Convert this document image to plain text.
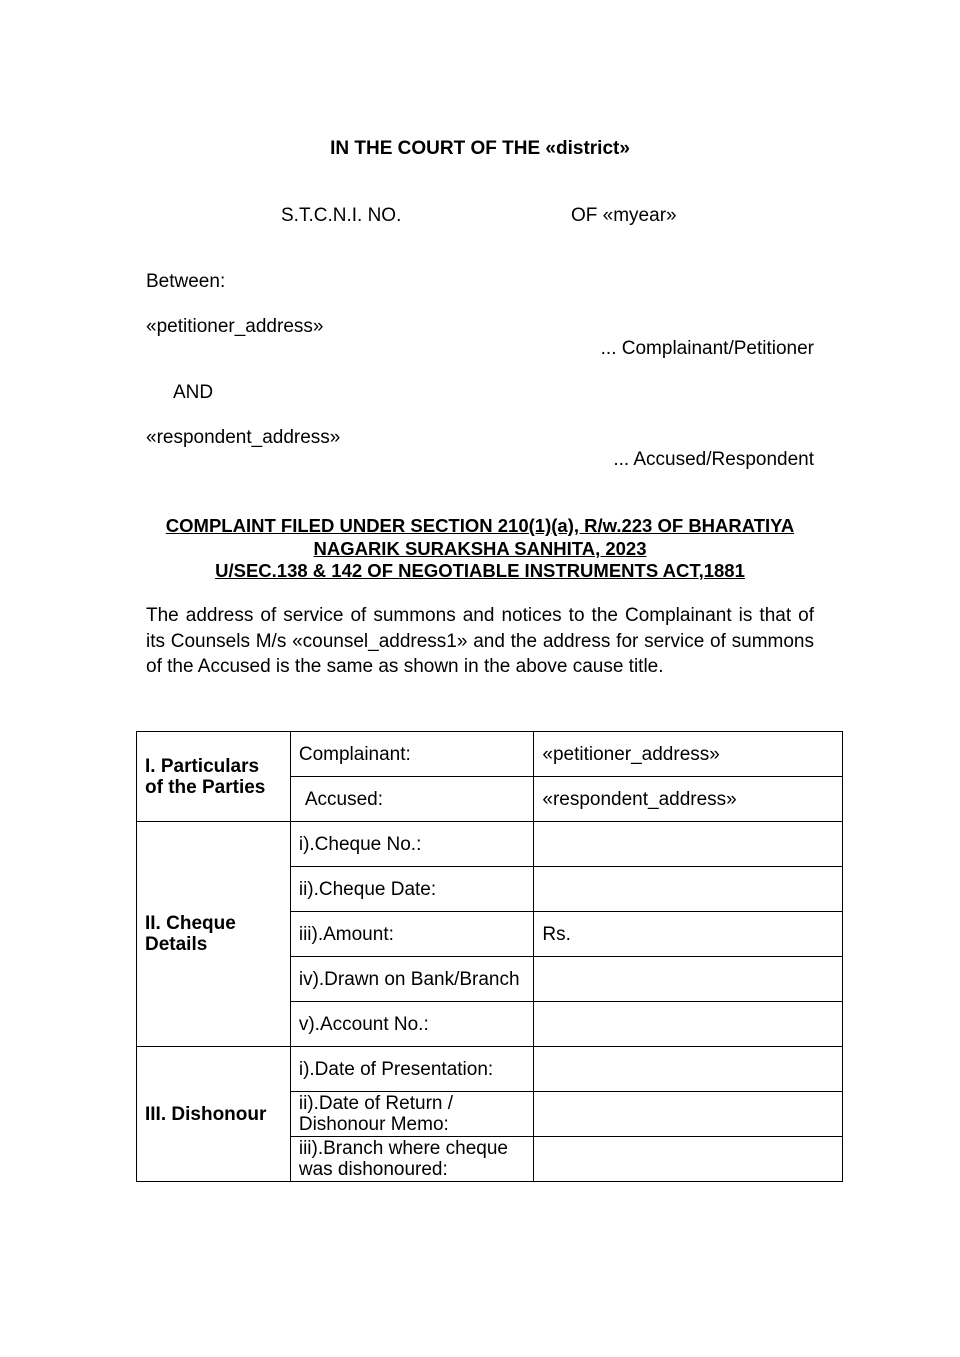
IN THE COURT OF THE «district»
S.T.C.N.I. NO.	OF «myear»
Between:
«petitioner_address»
... Complainant/Petitioner
AND
«respondent_address»
... Accused/Respondent
COMPLAINT FILED UNDER SECTION 210(1)(a), R/w.223 OF BHARATIYA
NAGARIK SURAKSHA SANHITA, 2023
U/SEC.138 & 142 OF NEGOTIABLE INSTRUMENTS ACT,1881
The address of service of summons and notices to the Complainant is that of its Counsels M/s «counsel_address1» and the address for service of summons of the Accused is the same as shown in the above cause title.
I. Particulars of the Parties	Complainant:	«petitioner_address»
	Accused:	«respondent_address»
II. Cheque Details	i).Cheque No.:	
	ii).Cheque Date:	
	iii).Amount:	Rs.
	iv).Drawn on Bank/Branch	
	v).Account No.:	
III. Dishonour	i).Date of Presentation:	
	ii).Date of Return / Dishonour Memo:	
	iii).Branch where cheque was dishonoured:	
